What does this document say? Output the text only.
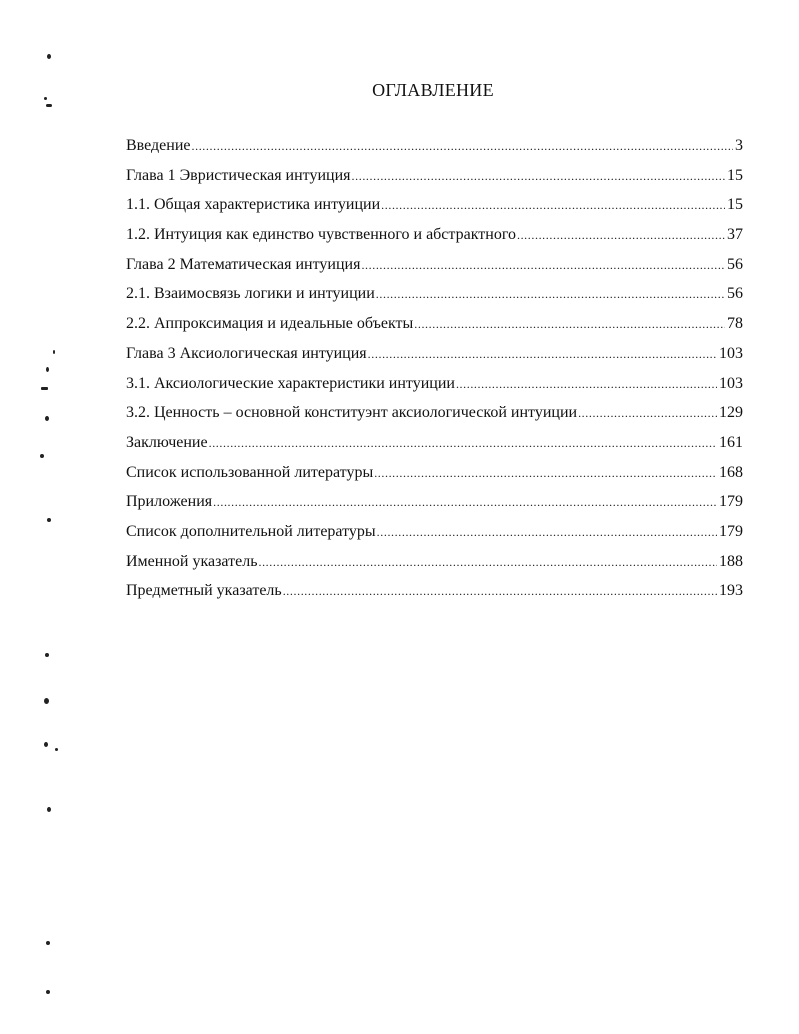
ОГЛАВЛЕНИЕ
Введение .....	3
Глава 1 Эвристическая интуиция .....	15
1.1. Общая характеристика интуиции .....	15
1.2. Интуиция как единство чувственного и абстрактного .....	37
Глава 2 Математическая интуиция .....	56
2.1. Взаимосвязь логики и интуиции .....	56
2.2. Аппроксимация и идеальные объекты .....	78
Глава 3 Аксиологическая интуиция .....	103
3.1. Аксиологические характеристики интуиции .....	103
3.2. Ценность – основной конституэнт аксиологической интуиции .....	129
Заключение .....	161
Список использованной литературы .....	168
Приложения .....	179
Список дополнительной литературы .....	179
Именной указатель .....	188
Предметный указатель .....	193
